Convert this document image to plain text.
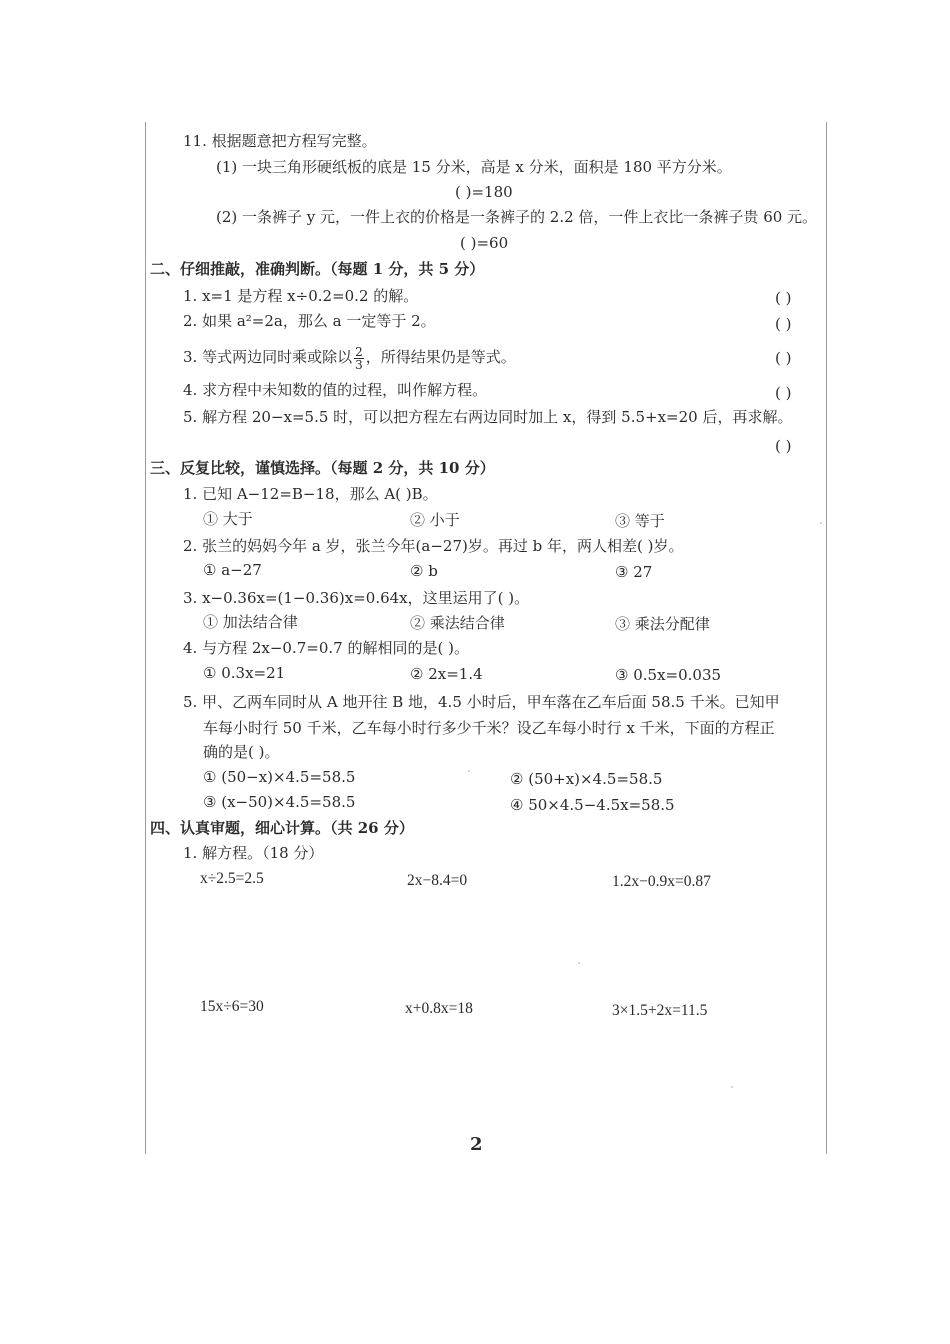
11. 根据题意把方程写完整。
(1) 一块三角形硬纸板的底是 15 分米，高是 x 分米，面积是 180 平方分米。
( )=180
(2) 一条裤子 y 元，一件上衣的价格是一条裤子的 2.2 倍，一件上衣比一条裤子贵 60 元。
( )=60
二、仔细推敲，准确判断。（每题 1 分，共 5 分）
1. x=1 是方程 x÷0.2=0.2 的解。	( )
2. 如果 a²=2a，那么 a 一定等于 2。	( )
3. 等式两边同时乘或除以 $\frac{2}{3}$ ，所得结果仍是等式。	( )
4. 求方程中未知数的值的过程，叫作解方程。	( )
5. 解方程 20−x=5.5 时，可以把方程左右两边同时加上 x，得到 5.5+x=20 后，再求解。
( )
三、反复比较，谨慎选择。（每题 2 分，共 10 分）
1. 已知 A−12=B−18，那么 A( )B。
① 大于	② 小于	③ 等于
2. 张兰的妈妈今年 a 岁，张兰今年(a−27)岁。再过 b 年，两人相差( )岁。
① a−27	② b	③ 27
3. x−0.36x=(1−0.36)x=0.64x，这里运用了( )。
① 加法结合律	② 乘法结合律	③ 乘法分配律
4. 与方程 2x−0.7=0.7 的解相同的是( )。
① 0.3x=21	② 2x=1.4	③ 0.5x=0.035
5. 甲、乙两车同时从 A 地开往 B 地，4.5 小时后，甲车落在乙车后面 58.5 千米。已知甲
车每小时行 50 千米，乙车每小时行多少千米？设乙车每小时行 x 千米，下面的方程正
确的是( )。
① (50−x)×4.5=58.5	② (50+x)×4.5=58.5
③ (x−50)×4.5=58.5	④ 50×4.5−4.5x=58.5
四、认真审题，细心计算。（共 26 分）
1. 解方程。（18 分）
x÷2.5=2.5	2x−8.4=0	1.2x−0.9x=0.87
15x÷6=30	x+0.8x=18	3×1.5+2x=11.5
2
